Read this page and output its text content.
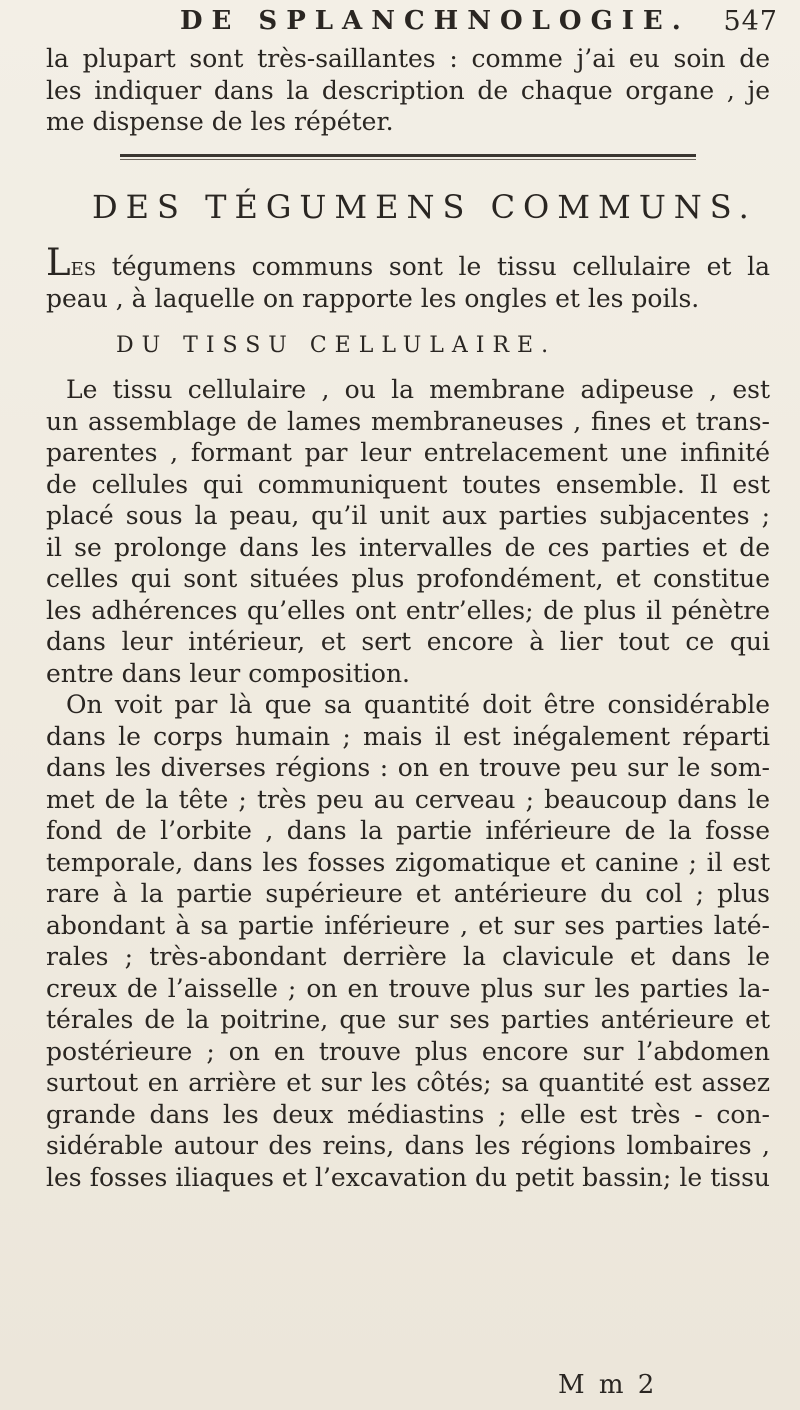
DE SPLANCHNOLOGIE. 547
la plupart sont très-saillantes : comme j’ai eu soin de
les indiquer dans la description de chaque organe , je
me dispense de les répéter.
DES TÉGUMENS COMMUNS.
Les tégumens communs sont le tissu cellulaire et la
peau , à laquelle on rapporte les ongles et les poils.
DU TISSU CELLULAIRE.
Le tissu cellulaire , ou la membrane adipeuse , est
un assemblage de lames membraneuses , fines et trans-
parentes , formant par leur entrelacement une infinité
de cellules qui communiquent toutes ensemble. Il est
placé sous la peau, qu’il unit aux parties subjacentes ;
il se prolonge dans les intervalles de ces parties et de
celles qui sont situées plus profondément, et constitue
les adhérences qu’elles ont entr’elles; de plus il pénètre
dans leur intérieur, et sert encore à lier tout ce qui
entre dans leur composition.
On voit par là que sa quantité doit être considérable
dans le corps humain ; mais il est inégalement réparti
dans les diverses régions : on en trouve peu sur le som-
met de la tête ; très peu au cerveau ; beaucoup dans le
fond de l’orbite , dans la partie inférieure de la fosse
temporale, dans les fosses zigomatique et canine ; il est
rare à la partie supérieure et antérieure du col ; plus
abondant à sa partie inférieure , et sur ses parties laté-
rales ; très-abondant derrière la clavicule et dans le
creux de l’aisselle ; on en trouve plus sur les parties la-
térales de la poitrine, que sur ses parties antérieure et
postérieure ; on en trouve plus encore sur l’abdomen
surtout en arrière et sur les côtés; sa quantité est assez
grande dans les deux médiastins ; elle est très - con-
sidérable autour des reins, dans les régions lombaires ,
les fosses iliaques et l’excavation du petit bassin; le tissu
M m 2
